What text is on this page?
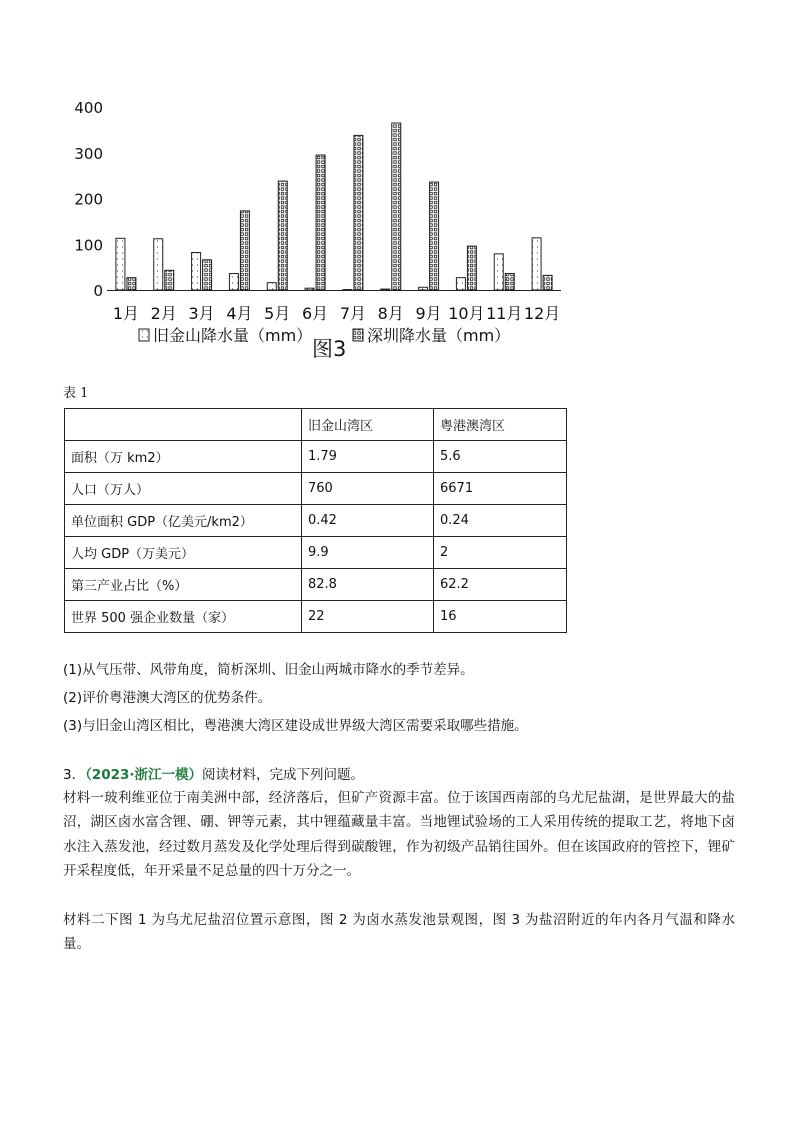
0
100
200
300
400
1月 2月 3月 4月 5月 6月 7月 8月 9月 10月 11月 12月
旧金山降水量（mm）	深圳降水量（mm）
图3
表 1
	旧金山湾区	粤港澳湾区
面积（万 km2）	1.79	5.6
人口（万人）	760	6671
单位面积 GDP（亿美元/km2）	0.42	0.24
人均 GDP（万美元）	9.9	2
第三产业占比（%）	82.8	62.2
世界 500 强企业数量（家）	22	16
(1)从气压带、风带角度，简析深圳、旧金山两城市降水的季节差异。
(2)评价粤港澳大湾区的优势条件。
(3)与旧金山湾区相比，粤港澳大湾区建设成世界级大湾区需要采取哪些措施。
3．（2023·浙江一模）阅读材料，完成下列问题。
材料一玻利维亚位于南美洲中部，经济落后，但矿产资源丰富。位于该国西南部的乌尤尼盐湖，是世界最大的盐沼，湖区卤水富含锂、硼、钾等元素，其中锂蕴藏量丰富。当地锂试验场的工人采用传统的提取工艺，将地下卤水注入蒸发池，经过数月蒸发及化学处理后得到碳酸锂，作为初级产品销往国外。但在该国政府的管控下，锂矿开采程度低，年开采量不足总量的四十万分之一。
材料二下图 1 为乌尤尼盐沼位置示意图，图 2 为卤水蒸发池景观图，图 3 为盐沼附近的年内各月气温和降水量。
